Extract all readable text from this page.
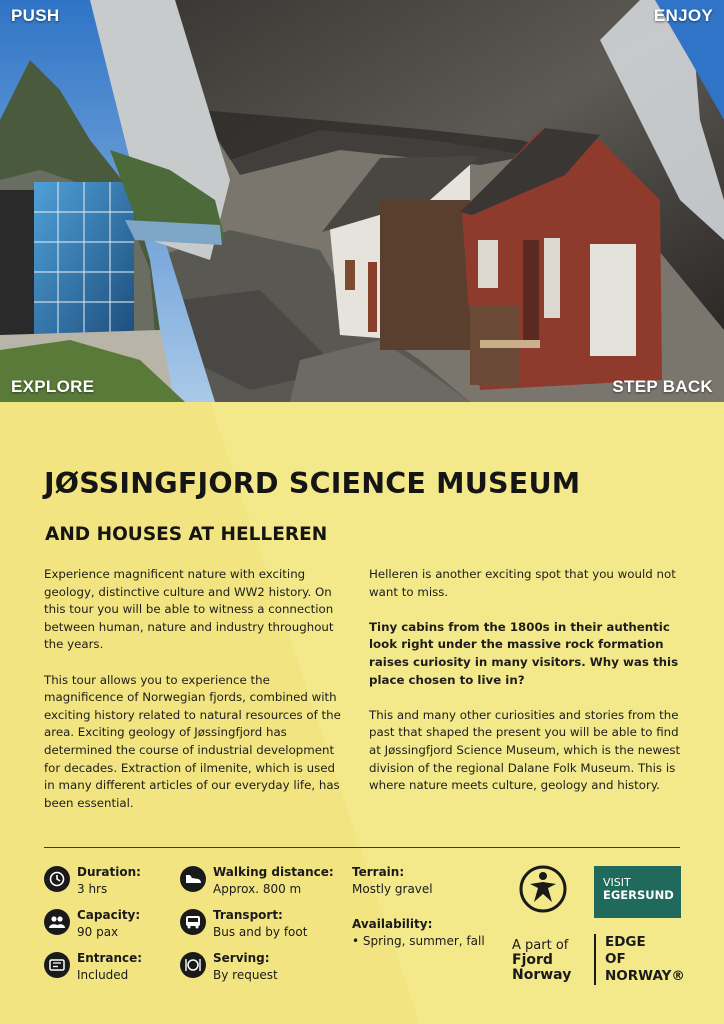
PUSH	ENJOY
EXPLORE	STEP BACK
JØSSINGFJORD SCIENCE MUSEUM
AND HOUSES AT HELLEREN

Experience magnificent nature with exciting geology, distinctive culture and WW2 history. On this tour you will be able to witness a connection between human, nature and industry throughout the years.

This tour allows you to experience the magnificence of Norwegian fjords, combined with exciting history related to natural resources of the area. Exciting geology of Jøssingfjord has determined the course of industrial development for decades. Extraction of ilmenite, which is used in many different articles of our everyday life, has been essential.

Helleren is another exciting spot that you would not want to miss.

Tiny cabins from the 1800s in their authentic look right under the massive rock formation raises curiosity in many visitors. Why was this place chosen to live in?

This and many other curiosities and stories from the past that shaped the present you will be able to find at Jøssingfjord Science Museum, which is the newest division of the regional Dalane Folk Museum. This is where nature meets culture, geology and history.

Duration:
3 hrs
Capacity:
90 pax
Entrance:
Included
Walking distance:
Approx. 800 m
Transport:
Bus and by foot
Serving:
By request
Terrain:
Mostly gravel
Availability:
• Spring, summer, fall A part of
Fjord
Norway
VISIT
EGERSUND
EDGE
OF
NORWAY®
